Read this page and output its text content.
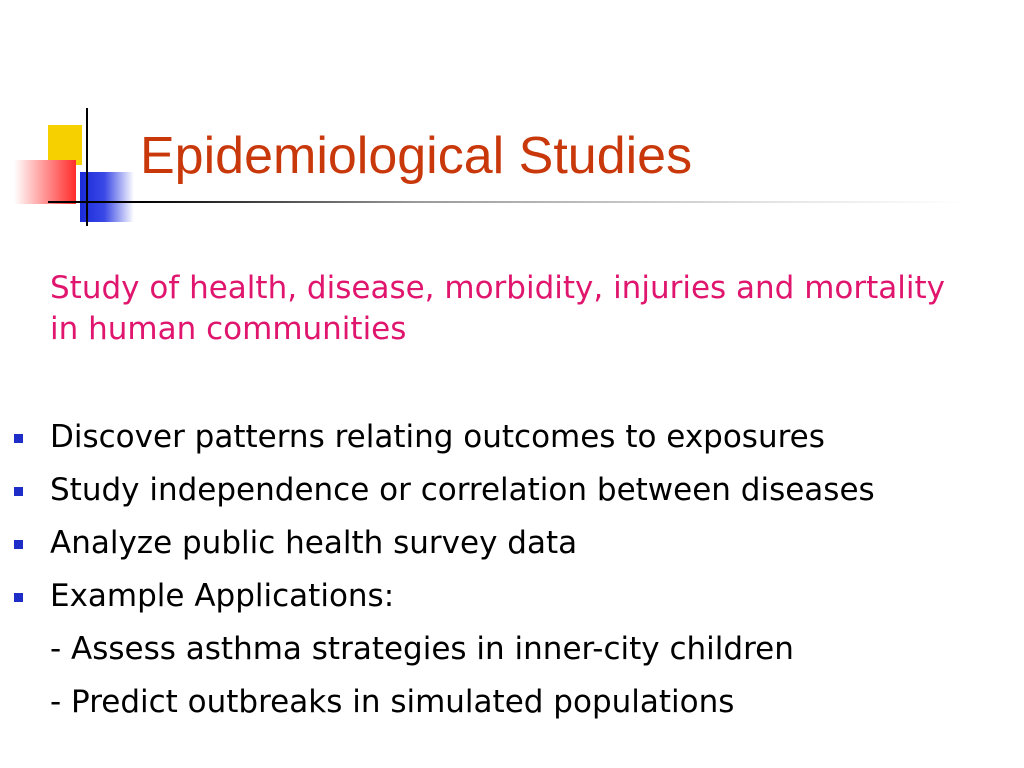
Epidemiological Studies

Study of health, disease, morbidity, injuries and mortality in human communities

Discover patterns relating outcomes to exposures
Study independence or correlation between diseases
Analyze public health survey data
Example Applications:
- Assess asthma strategies in inner-city children
- Predict outbreaks in simulated populations
